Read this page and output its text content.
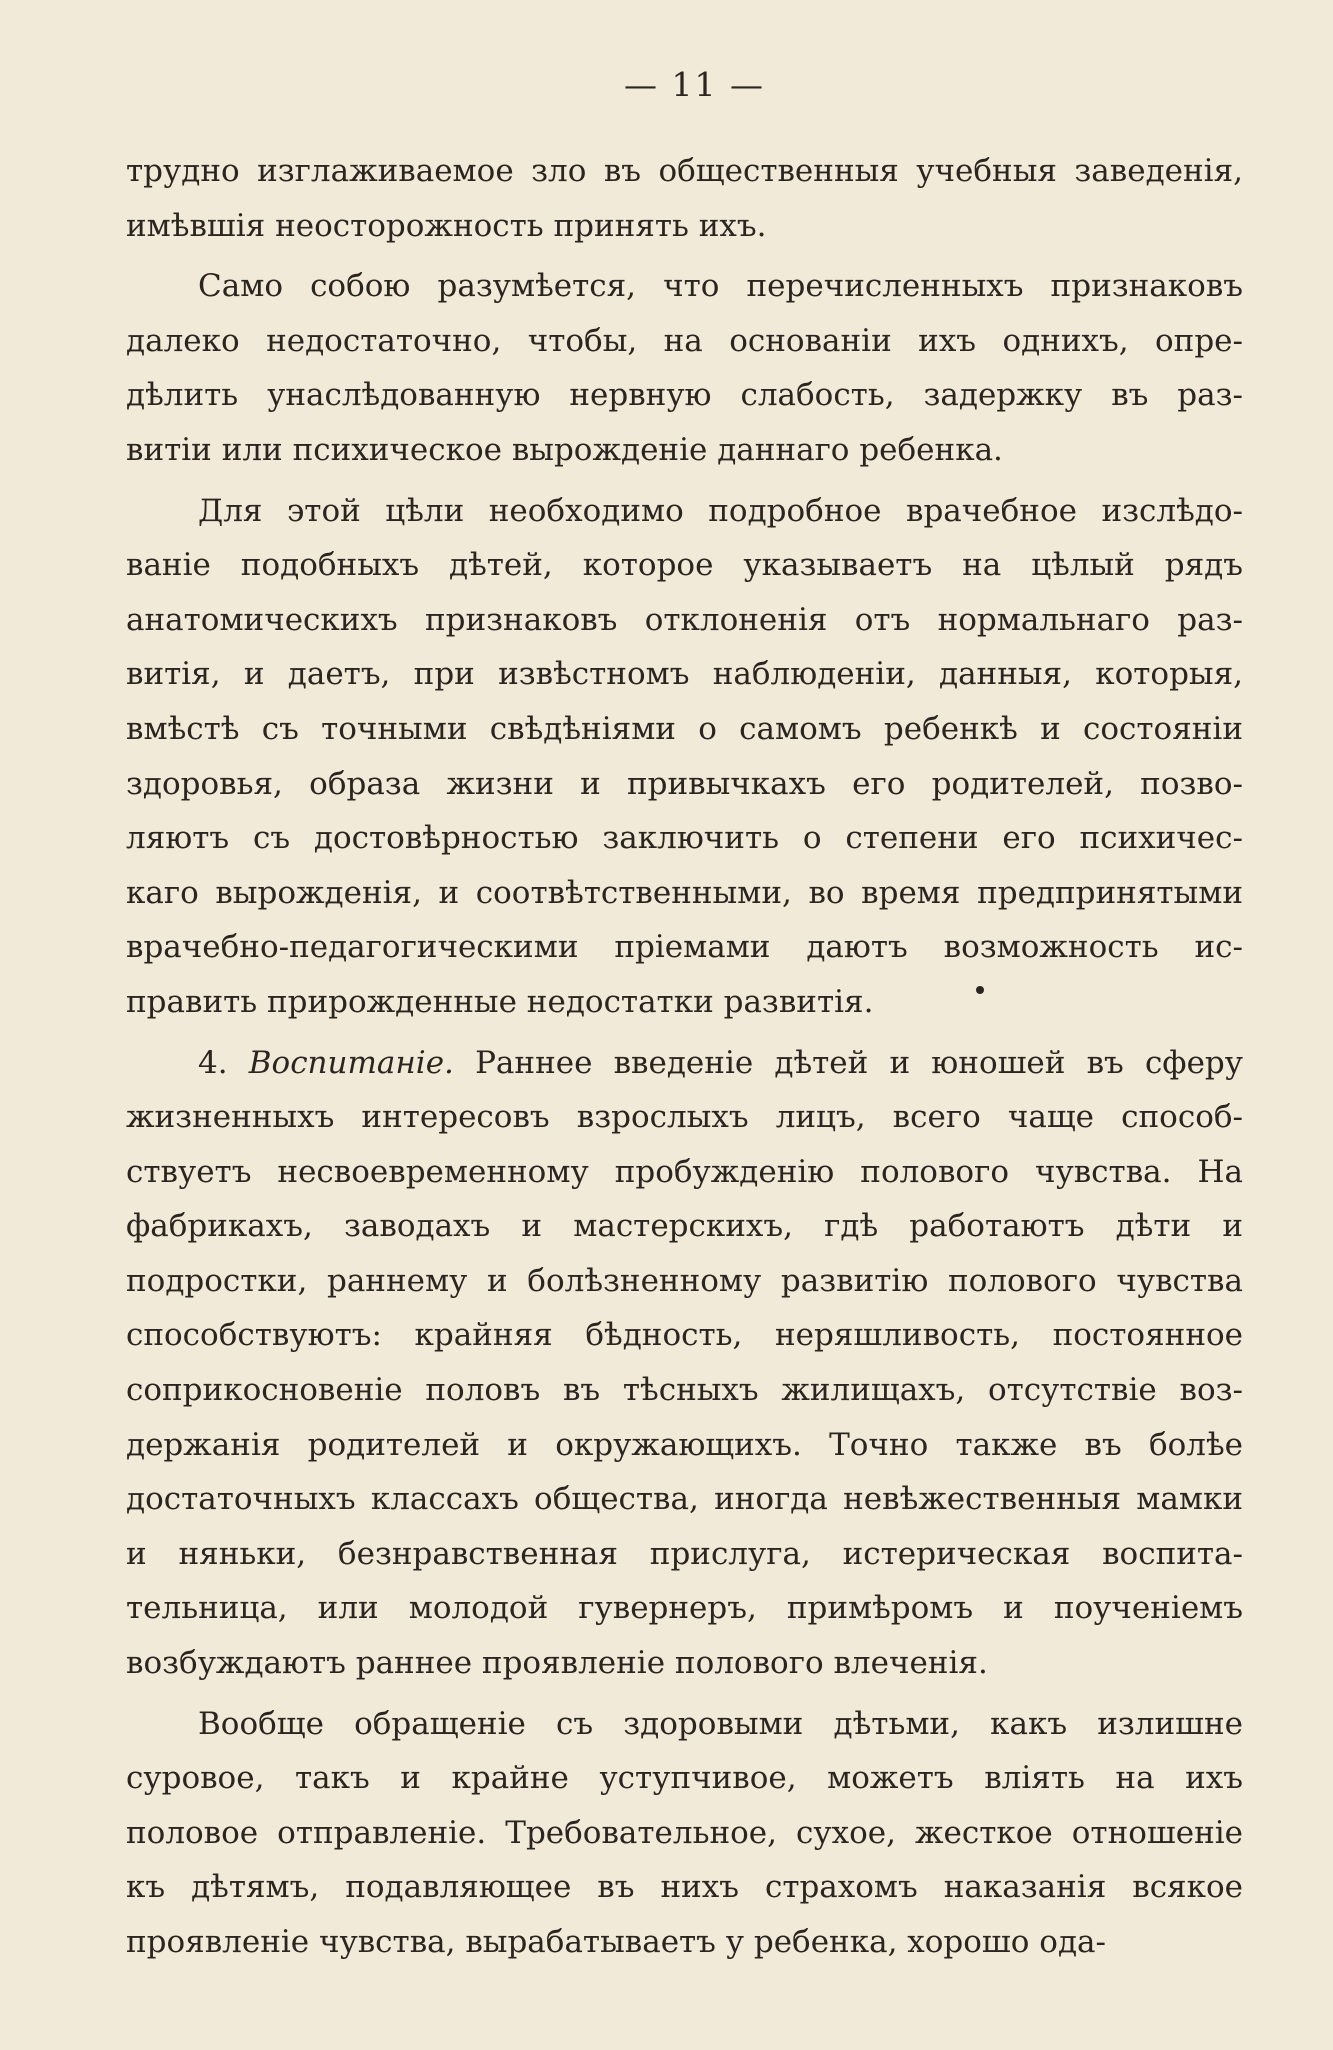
— 11 —
трудно изглаживаемое зло въ общественныя учебныя заведенія,
имѣвшія неосторожность принять ихъ.
Само собою разумѣется, что перечисленныхъ признаковъ
далеко недостаточно, чтобы, на основаніи ихъ однихъ, опре-
дѣлить унаслѣдованную нервную слабость, задержку въ раз-
витіи или психическое вырожденіе даннаго ребенка.
Для этой цѣли необходимо подробное врачебное изслѣдо-
ваніе подобныхъ дѣтей, которое указываетъ на цѣлый рядъ
анатомическихъ признаковъ отклоненія отъ нормальнаго раз-
витія, и даетъ, при извѣстномъ наблюденіи, данныя, которыя,
вмѣстѣ съ точными свѣдѣніями о самомъ ребенкѣ и состояніи
здоровья, образа жизни и привычкахъ его родителей, позво-
ляютъ съ достовѣрностью заключить о степени его психичес-
каго вырожденія, и соотвѣтственными, во время предпринятыми
врачебно-педагогическими пріемами даютъ возможность ис-
править прирожденные недостатки развитія.
4. Воспитаніе. Раннее введеніе дѣтей и юношей въ сферу
жизненныхъ интересовъ взрослыхъ лицъ, всего чаще способ-
ствуетъ несвоевременному пробужденію полового чувства. На
фабрикахъ, заводахъ и мастерскихъ, гдѣ работаютъ дѣти и
подростки, раннему и болѣзненному развитію полового чувства
способствуютъ: крайняя бѣдность, неряшливость, постоянное
соприкосновеніе половъ въ тѣсныхъ жилищахъ, отсутствіе воз-
держанія родителей и окружающихъ. Точно также въ болѣе
достаточныхъ классахъ общества, иногда невѣжественныя мамки
и няньки, безнравственная прислуга, истерическая воспита-
тельница, или молодой гувернеръ, примѣромъ и поученіемъ
возбуждаютъ раннее проявленіе полового влеченія.
Вообще обращеніе съ здоровыми дѣтьми, какъ излишне
суровое, такъ и крайне уступчивое, можетъ вліять на ихъ
половое отправленіе. Требовательное, сухое, жесткое отношеніе
къ дѣтямъ, подавляющее въ нихъ страхомъ наказанія всякое
проявленіе чувства, вырабатываетъ у ребенка, хорошо ода-
